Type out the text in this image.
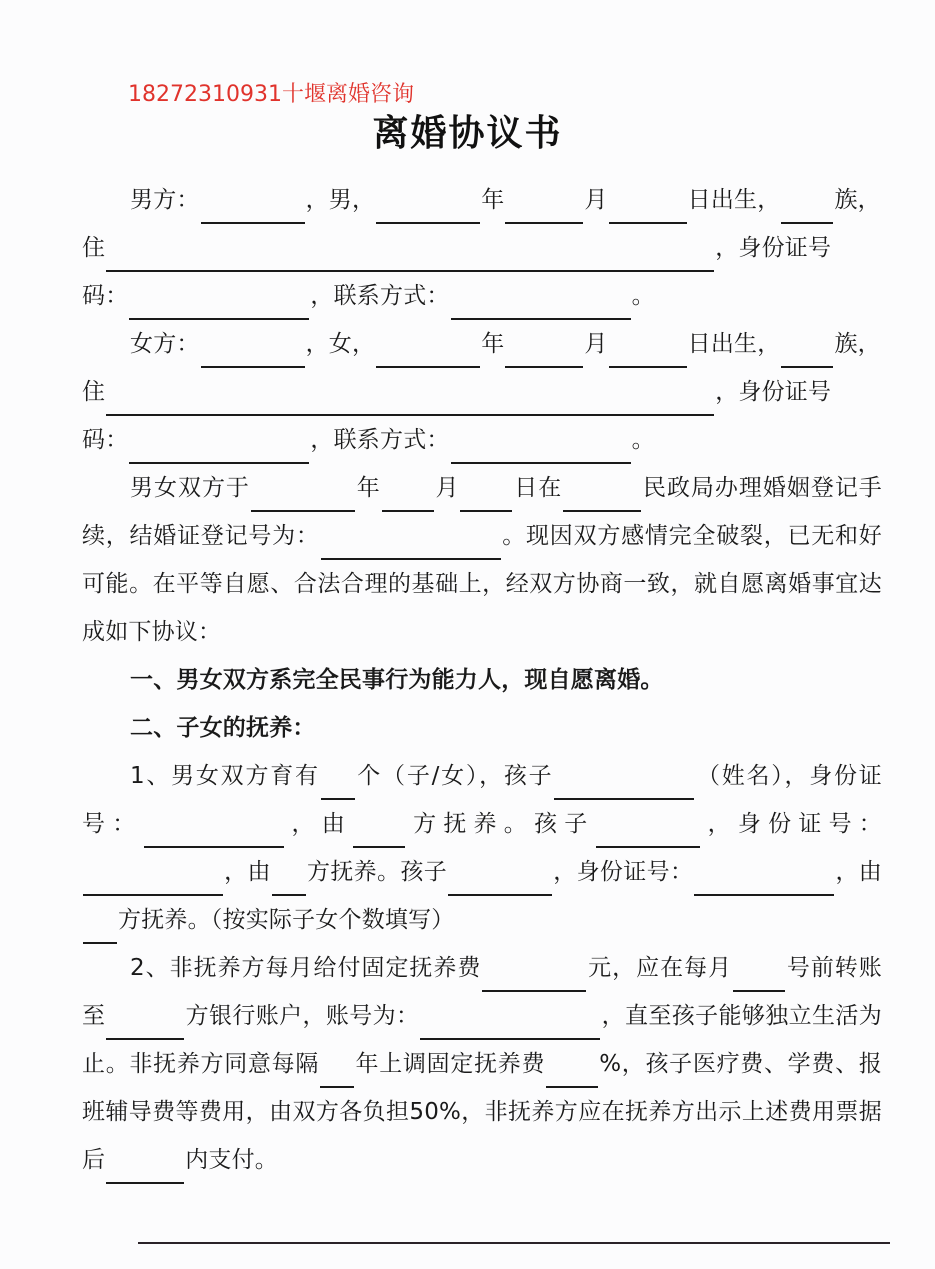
18272310931十堰离婚咨询
离婚协议书
男方：	，男，	年	月	日出生， 族，
住	，身份证号
码：	，联系方式：	。
女方：	，女，	年	月	日出生， 族，
住	，身份证号
码：	，联系方式：	。
男女双方于	年 月 日在	民政局办理婚姻登记手续，结婚证登记号为：	。现因双方感情完全破裂，已无和好可能。在平等自愿、合法合理的基础上，经双方协商一致，就自愿离婚事宜达成如下协议：
一、男女双方系完全民事行为能力人，现自愿离婚。
二、子女的抚养：
1、男女双方育有 个（子/女），孩子	（姓名），身份证号：	，由 方抚养。孩子	，身份证号：，由 方抚养。孩子	，身份证号：	，由方抚养。（按实际子女个数填写）
2、非抚养方每月给付固定抚养费	元，应在每月 号前转账至	方银行账户，账号为：	，直至孩子能够独立生活为止。非抚养方同意每隔 年上调固定抚养费 %，孩子医疗费、学费、报班辅导费等费用，由双方各负担50%，非抚养方应在抚养方出示上述费用票据后	内支付。
